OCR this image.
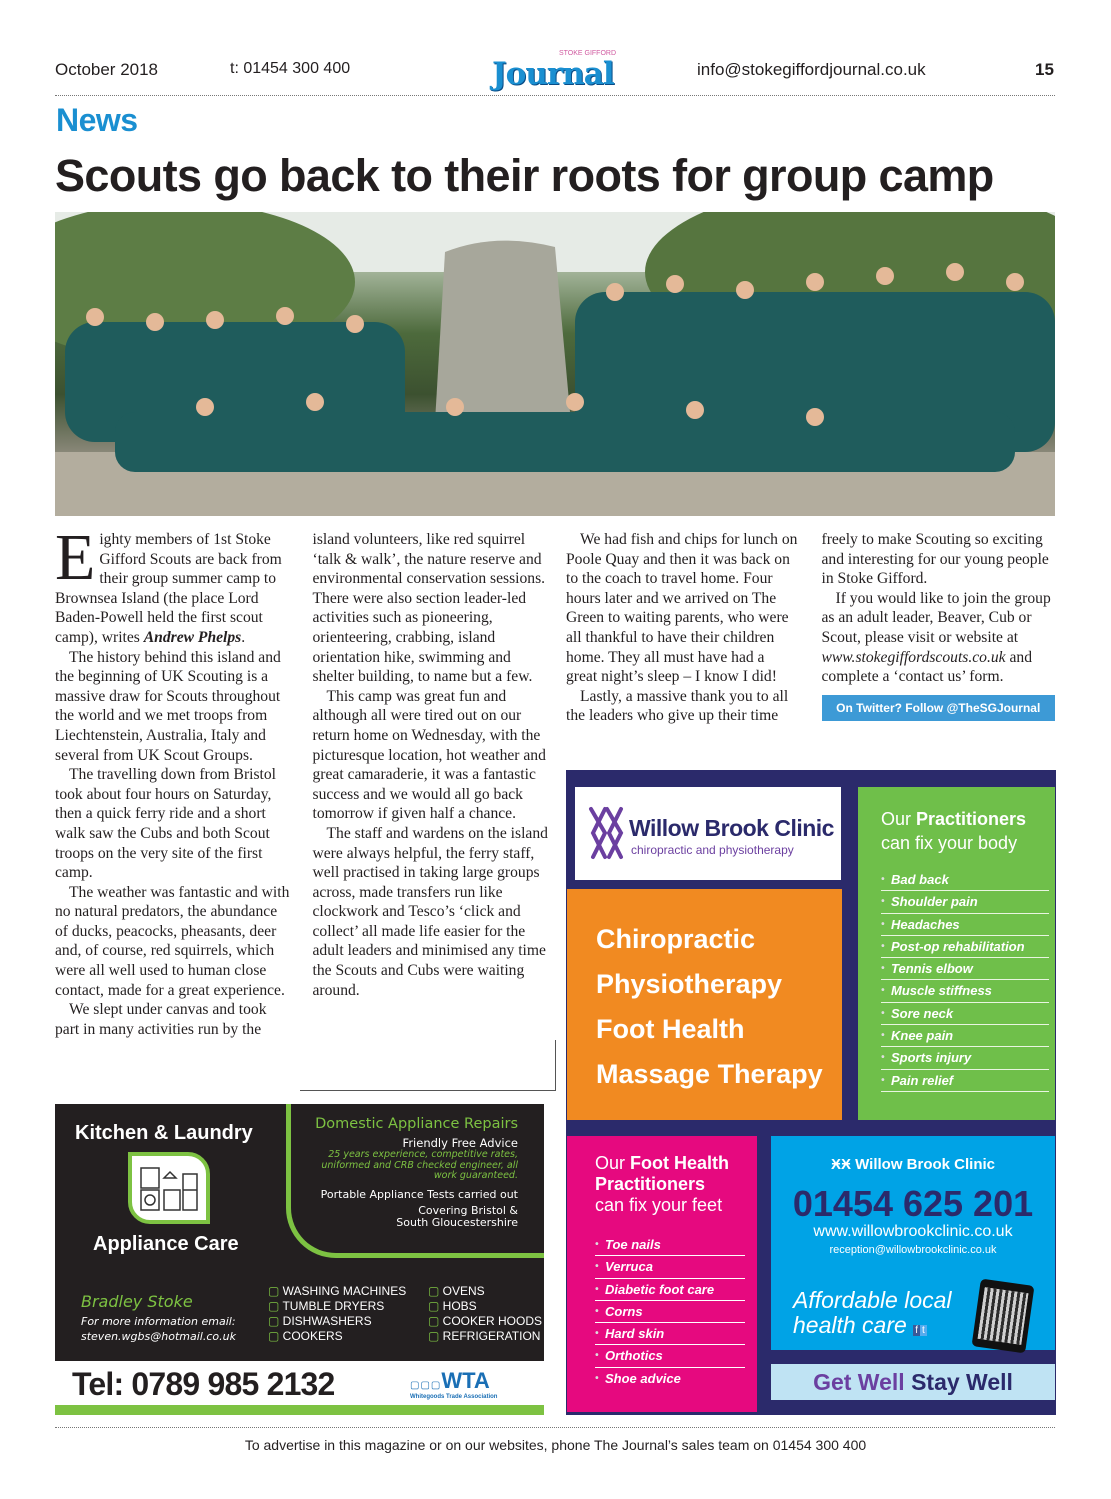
October 2018	t: 01454 300 400
STOKE GIFFORD
Journal	info@stokegiffordjournal.co.uk	15
News
Scouts go back to their roots for group camp

Eighty members of 1st Stoke Gifford Scouts are back from their group summer camp to Brownsea Island (the place Lord Baden-Powell held the first scout camp), writes Andrew Phelps.

The history behind this island and the beginning of UK Scouting is a massive draw for Scouts throughout the world and we met troops from Liechtenstein, Australia, Italy and several from UK Scout Groups.

The travelling down from Bristol took about four hours on Saturday, then a quick ferry ride and a short walk saw the Cubs and both Scout troops on the very site of the first camp.

The weather was fantastic and with no natural predators, the abundance of ducks, peacocks, pheasants, deer and, of course, red squirrels, which were all well used to human close contact, made for a great experience.

We slept under canvas and took part in many activities run by the island volunteers, like red squirrel ‘talk & walk’, the nature reserve and environmental conservation sessions. There were also section leader-led activities such as pioneering, orienteering, crabbing, island orientation hike, swimming and shelter building, to name but a few.

This camp was great fun and although all were tired out on our return home on Wednesday, with the picturesque location, hot weather and great camaraderie, it was a fantastic success and we would all go back tomorrow if given half a chance.

The staff and wardens on the island were always helpful, the ferry staff, well practised in taking large groups across, made transfers run like clockwork and Tesco’s ‘click and collect’ all made life easier for the adult leaders and minimised any time the Scouts and Cubs were waiting around.

We had fish and chips for lunch on Poole Quay and then it was back on to the coach to travel home. Four hours later and we arrived on The Green to waiting parents, who were all thankful to have their children home. They all must have had a great night’s sleep – I know I did!

Lastly, a massive thank you to all the leaders who give up their time freely to make Scouting so exciting and interesting for our young people in Stoke Gifford.

If you would like to join the group as an adult leader, Beaver, Cub or Scout, please visit or website at www.stokegiffordscouts.co.uk and complete a ‘contact us’ form.

On Twitter? Follow @TheSGJournal
Willow Brook Clinic
chiropractic and physiotherapy
Chiropractic
Physiotherapy
Foot Health
Massage Therapy
Our Practitioners
can fix your body
• Bad back
• Shoulder pain
• Headaches
• Post-op rehabilitation
• Tennis elbow
• Muscle stiffness
• Sore neck
• Knee pain
• Sports injury
• Pain relief
Our Foot Health Practitioners
can fix your feet
• Toe nails
• Verruca
• Diabetic foot care
• Corns
• Hard skin
• Orthotics
• Shoe advice
ӾӾ Willow Brook Clinic
01454 625 201
www.willowbrookclinic.co.uk
reception@willowbrookclinic.co.uk
Affordable local
health care f t
Get Well Stay Well
Domestic Appliance Repairs
Friendly Free Advice
25 years experience, competitive rates, uniformed and CRB checked engineer, all work guaranteed.
Portable Appliance Tests carried out
Covering Bristol &
South Gloucestershire
Kitchen & Laundry
Appliance Care
Bradley Stoke
For more information email:
steven.wgbs@hotmail.co.uk
▢ WASHING MACHINES
▢ TUMBLE DRYERS
▢ DISHWASHERS
▢ COOKERS
▢ OVENS
▢ HOBS
▢ COOKER HOODS
▢ REFRIGERATION
Tel: 0789 985 2132	▢▢▢WTA
Whitegoods Trade Association
To advertise in this magazine or on our websites, phone The Journal’s sales team on 01454 300 400
